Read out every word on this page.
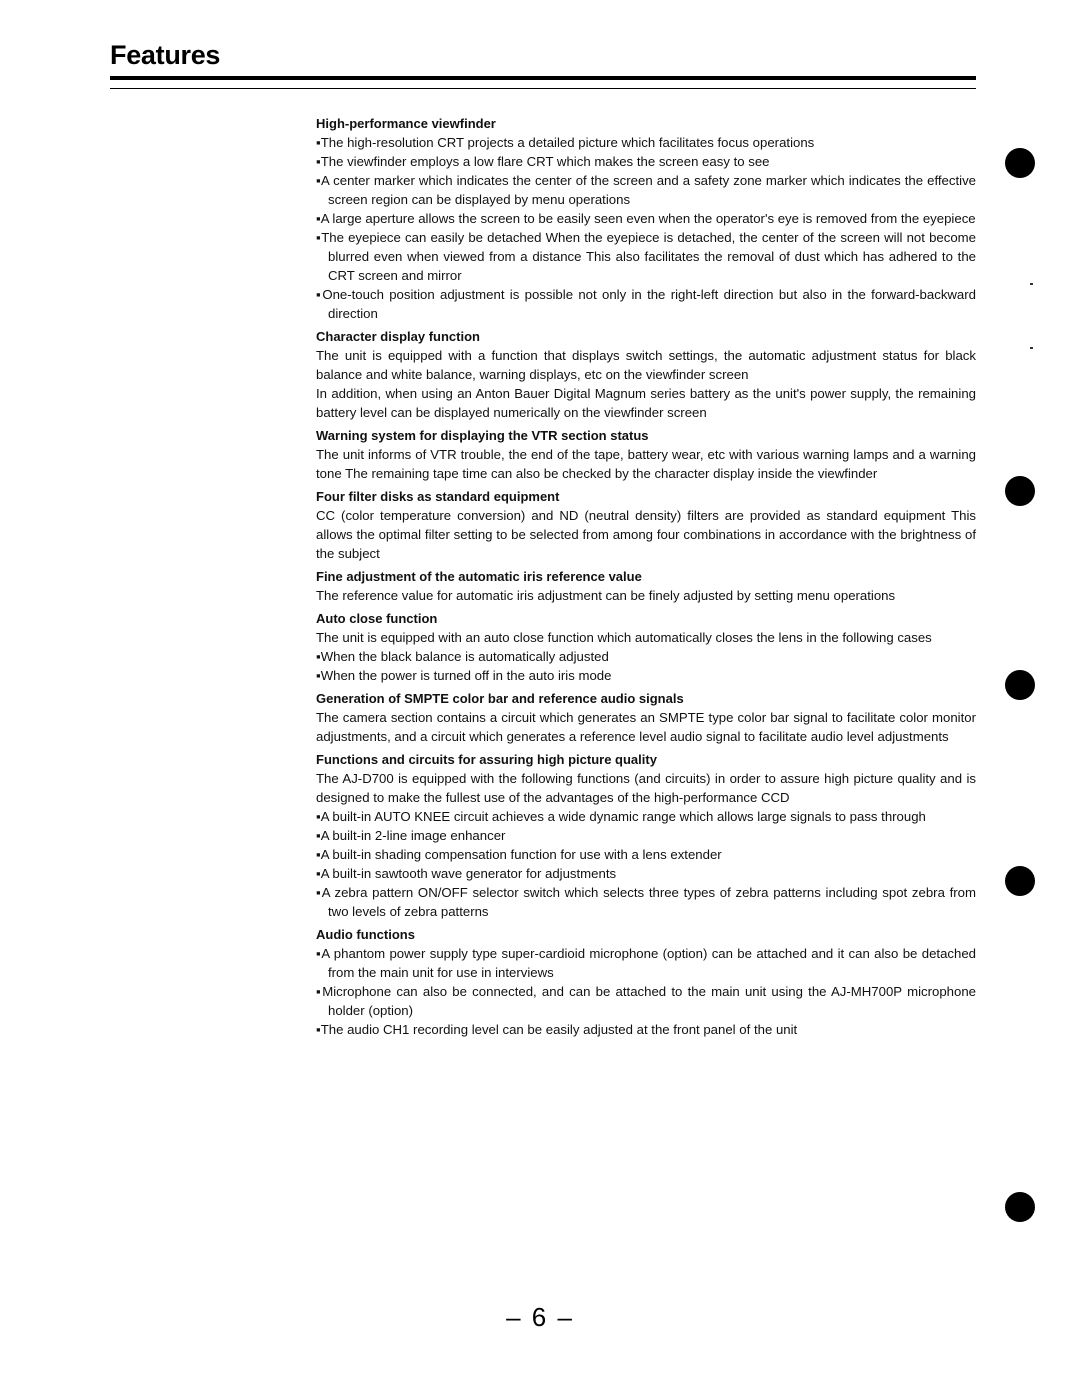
Features
High-performance viewfinder
▪The high-resolution CRT projects a detailed picture which facilitates focus operations
▪The viewfinder employs a low flare CRT which makes the screen easy to see
▪A center marker which indicates the center of the screen and a safety zone marker which indicates the effective screen region can be displayed by menu operations
▪A large aperture allows the screen to be easily seen even when the operator's eye is removed from the eyepiece
▪The eyepiece can easily be detached When the eyepiece is detached, the center of the screen will not become blurred even when viewed from a distance This also facilitates the removal of dust which has adhered to the CRT screen and mirror
▪One-touch position adjustment is possible not only in the right-left direction but also in the forward-backward direction
Character display function
The unit is equipped with a function that displays switch settings, the automatic adjustment status for black balance and white balance, warning displays, etc on the viewfinder screen
In addition, when using an Anton Bauer Digital Magnum series battery as the unit's power supply, the remaining battery level can be displayed numerically on the viewfinder screen
Warning system for displaying the VTR section status
The unit informs of VTR trouble, the end of the tape, battery wear, etc with various warning lamps and a warning tone The remaining tape time can also be checked by the character display inside the viewfinder
Four filter disks as standard equipment
CC (color temperature conversion) and ND (neutral density) filters are provided as standard equipment This allows the optimal filter setting to be selected from among four combinations in accordance with the brightness of the subject
Fine adjustment of the automatic iris reference value
The reference value for automatic iris adjustment can be finely adjusted by setting menu operations
Auto close function
The unit is equipped with an auto close function which automatically closes the lens in the following cases
▪When the black balance is automatically adjusted
▪When the power is turned off in the auto iris mode
Generation of SMPTE color bar and reference audio signals
The camera section contains a circuit which generates an SMPTE type color bar signal to facilitate color monitor adjustments, and a circuit which generates a reference level audio signal to facilitate audio level adjustments
Functions and circuits for assuring high picture quality
The AJ-D700 is equipped with the following functions (and circuits) in order to assure high picture quality and is designed to make the fullest use of the advantages of the high-performance CCD
▪A built-in AUTO KNEE circuit achieves a wide dynamic range which allows large signals to pass through
▪A built-in 2-line image enhancer
▪A built-in shading compensation function for use with a lens extender
▪A built-in sawtooth wave generator for adjustments
▪A zebra pattern ON/OFF selector switch which selects three types of zebra patterns including spot zebra from two levels of zebra patterns
Audio functions
▪A phantom power supply type super-cardioid microphone (option) can be attached and it can also be detached from the main unit for use in interviews
▪Microphone can also be connected, and can be attached to the main unit using the AJ-MH700P microphone holder (option)
▪The audio CH1 recording level can be easily adjusted at the front panel of the unit
– 6 –
